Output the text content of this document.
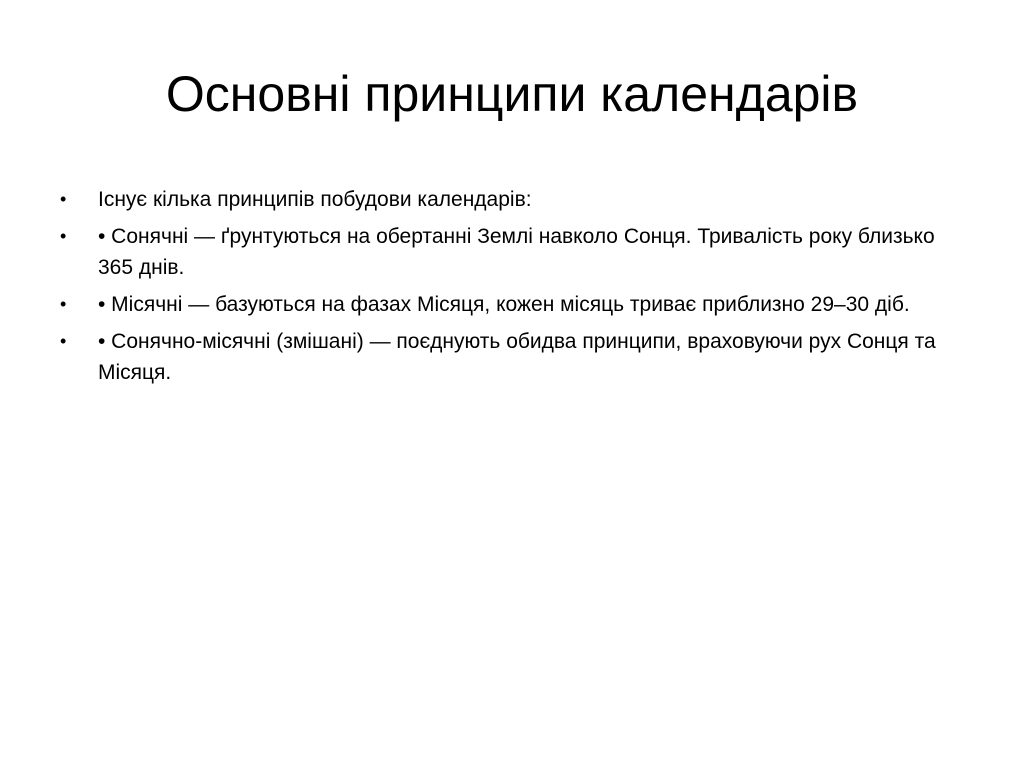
Основні принципи календарів
•	Існує кілька принципів побудови календарів:
•	• Сонячні — ґрунтуються на обертанні Землі навколо Сонця. Тривалість року близько 365 днів.
•	• Місячні — базуються на фазах Місяця, кожен місяць триває приблизно 29–30 діб.
•	• Сонячно-місячні (змішані) — поєднують обидва принципи, враховуючи рух Сонця та Місяця.
